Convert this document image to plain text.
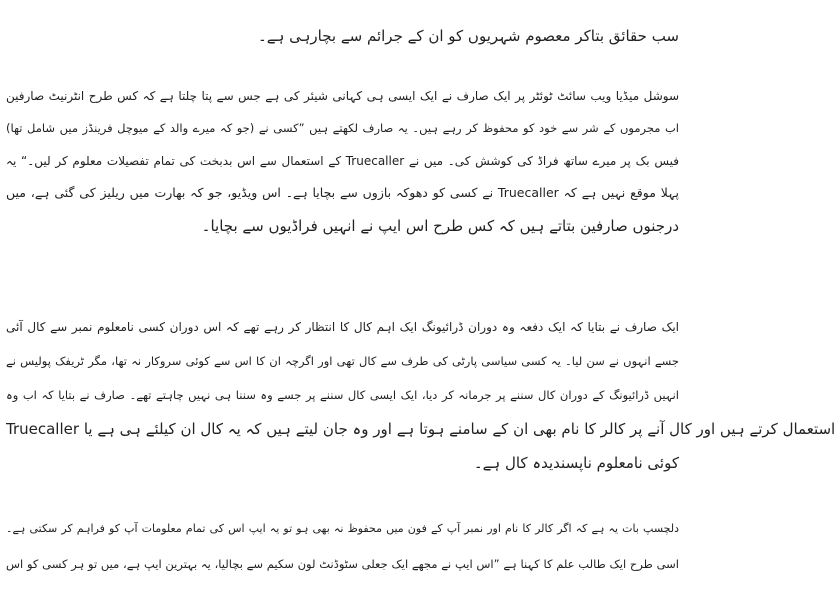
سب حقائق بتاکر معصوم شہریوں کو ان کے جرائم سے بچارہی ہے۔
سوشل میڈیا ویب سائٹ ٹوئٹر پر ایک صارف نے ایک ایسی ہی کہانی شیئر کی ہے جس سے پتا چلتا ہے کہ کس طرح انٹرنیٹ صارفین
اب مجرموں کے شر سے خود کو محفوظ کر رہے ہیں۔ یہ صارف لکھتے ہیں ”کسی نے (جو کہ میرے والد کے میوچل فرینڈز میں شامل تھا)
فیس بک پر میرے ساتھ فراڈ کی کوشش کی۔ میں نے Truecaller کے استعمال سے اس بدبخت کی تمام تفصیلات معلوم کر لیں۔“ یہ
پہلا موقع نہیں ہے کہ Truecaller نے کسی کو دھوکہ بازوں سے بچایا ہے۔ اس ویڈیو، جو کہ بھارت میں ریلیز کی گئی ہے، میں
درجنوں صارفین بتاتے ہیں کہ کس طرح اس ایپ نے انہیں فراڈیوں سے بچایا۔
ایک صارف نے بتایا کہ ایک دفعہ وہ دوران ڈرائیونگ ایک اہم کال کا انتظار کر رہے تھے کہ اس دوران کسی نامعلوم نمبر سے کال آئی
جسے انہوں نے سن لیا۔ یہ کسی سیاسی پارٹی کی طرف سے کال تھی اور اگرچہ ان کا اس سے کوئی سروکار نہ تھا، مگر ٹریفک پولیس نے
انہیں ڈرائیونگ کے دوران کال سننے پر جرمانہ کر دیا، ایک ایسی کال سننے پر جسے وہ سننا ہی نہیں چاہتے تھے۔ صارف نے بتایا کہ اب وہ
Truecaller استعمال کرتے ہیں اور کال آنے پر کالر کا نام بھی ان کے سامنے ہوتا ہے اور وہ جان لیتے ہیں کہ یہ کال ان کیلئے ہی ہے یا
کوئی نامعلوم ناپسندیدہ کال ہے۔
دلچسپ بات یہ ہے کہ اگر کالر کا نام اور نمبر آپ کے فون میں محفوظ نہ بھی ہو تو یہ ایپ اس کی تمام معلومات آپ کو فراہم کر سکتی ہے۔
اسی طرح ایک طالب علم کا کہنا ہے ”اس ایپ نے مجھے ایک جعلی سٹوڈنٹ لون سکیم سے بچالیا، یہ بہترین ایپ ہے، میں تو ہر کسی کو اس
